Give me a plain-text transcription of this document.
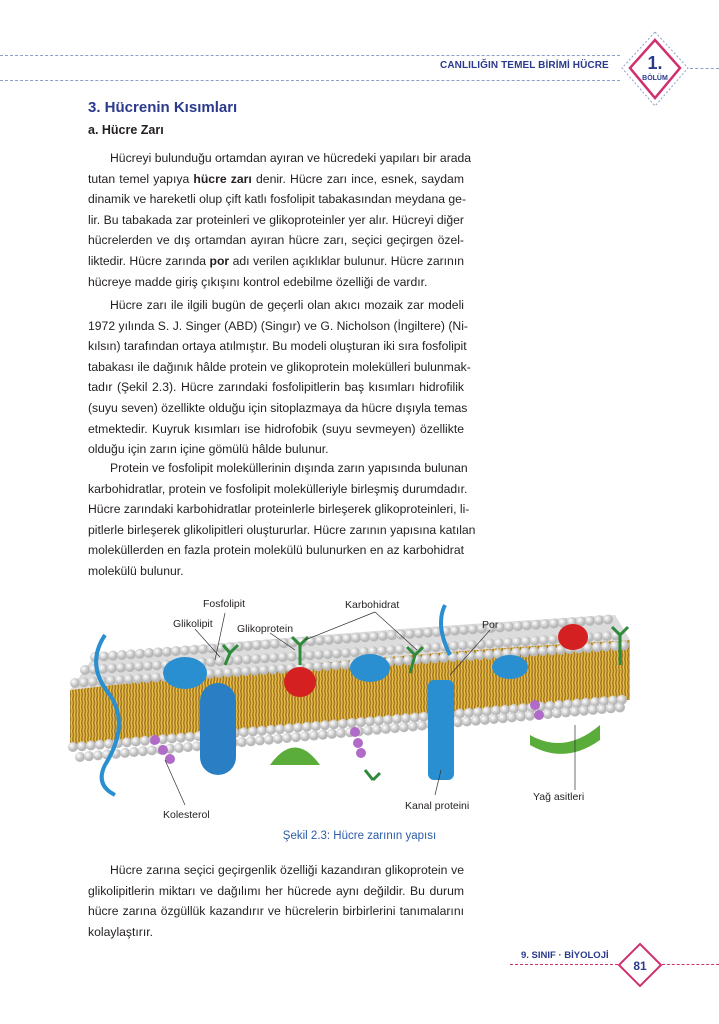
CANLILIĞIN TEMEL BİRİMİ HÜCRE 1.
BÖLÜM
3. Hücrenin Kısımları
a. Hücre Zarı
Hücreyi bulunduğu ortamdan ayıran ve hücredeki yapıları bir arada
tutan temel yapıya hücre zarı denir. Hücre zarı ince, esnek, saydam
dinamik ve hareketli olup çift katlı fosfolipit tabakasından meydana ge-
lir. Bu tabakada zar proteinleri ve glikoproteinler yer alır. Hücreyi diğer
hücrelerden ve dış ortamdan ayıran hücre zarı, seçici geçirgen özel-
liktedir. Hücre zarında por adı verilen açıklıklar bulunur. Hücre zarının
hücreye madde giriş çıkışını kontrol edebilme özelliği de vardır.
Hücre zarı ile ilgili bugün de geçerli olan akıcı mozaik zar modeli
1972 yılında S. J. Singer (ABD) (Singır) ve G. Nicholson (İngiltere) (Ni-
kılsın) tarafından ortaya atılmıştır. Bu modeli oluşturan iki sıra fosfolipit
tabakası ile dağınık hâlde protein ve glikoprotein molekülleri bulunmak-
tadır (Şekil 2.3). Hücre zarındaki fosfolipitlerin baş kısımları hidrofilik
(suyu seven) özellikte olduğu için sitoplazmaya da hücre dışıyla temas
etmektedir. Kuyruk kısımları ise hidrofobik (suyu sevmeyen) özellikte
olduğu için zarın içine gömülü hâlde bulunur.
Protein ve fosfolipit moleküllerinin dışında zarın yapısında bulunan
karbohidratlar, protein ve fosfolipit molekülleriyle birleşmiş durumdadır.
Hücre zarındaki karbohidratlar proteinlerle birleşerek glikoproteinleri, li-
pitlerle birleşerek glikolipitleri oluştururlar. Hücre zarının yapısına katılan
moleküllerden en fazla protein molekülü bulunurken en az karbohidrat
molekülü bulunur.
Hücre zarına seçici geçirgenlik özelliği kazandıran glikoprotein ve
glikolipitlerin miktarı ve dağılımı her hücrede aynı değildir. Bu durum
hücre zarına özgüllük kazandırır ve hücrelerin birbirlerini tanımalarını
kolaylaştırır.
Fosfolipit
Glikolipit Glikoprotein
Karbohidrat
Por
Kolesterol
Kanal proteini
Yağ asitleri
Şekil 2.3: Hücre zarının yapısı
9. SINIF · BİYOLOJİ
81
